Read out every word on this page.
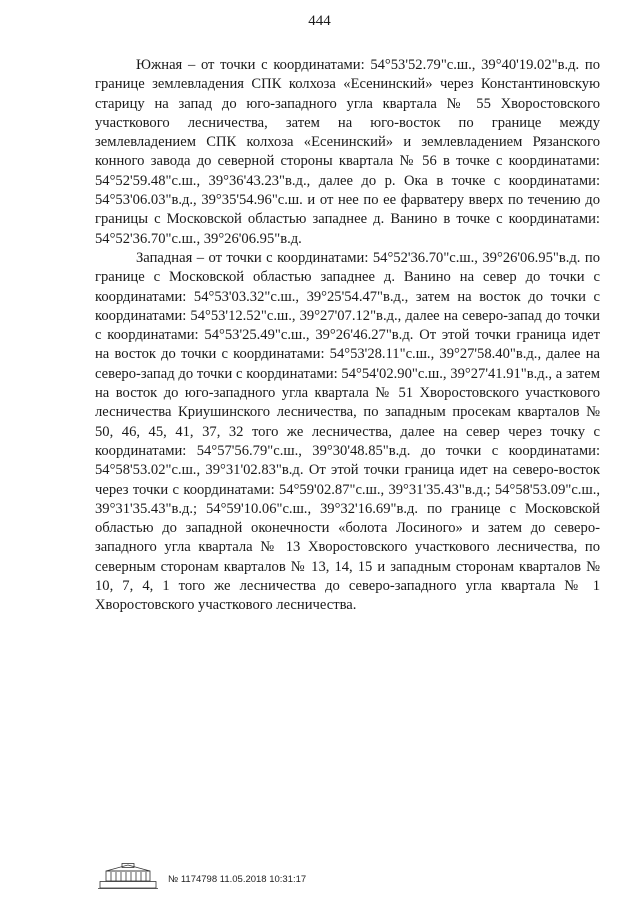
444

Южная – от точки с координатами: 54°53'52.79"с.ш., 39°40'19.02"в.д. по границе землевладения СПК колхоза «Есенинский» через Константиновскую старицу на запад до юго-западного угла квартала № 55 Хворостовского участкового лесничества, затем на юго-восток по границе между землевладением СПК колхоза «Есенинский» и землевладением Рязанского конного завода до северной стороны квартала № 56 в точке с координатами: 54°52'59.48"с.ш., 39°36'43.23"в.д., далее до р. Ока в точке с координатами: 54°53'06.03"в.д., 39°35'54.96"с.ш. и от нее по ее фарватеру вверх по течению до границы с Московской областью западнее д. Ванино в точке с координатами: 54°52'36.70"с.ш., 39°26'06.95"в.д.

Западная – от точки с координатами: 54°52'36.70"с.ш., 39°26'06.95"в.д. по границе с Московской областью западнее д. Ванино на север до точки с координатами: 54°53'03.32"с.ш., 39°25'54.47"в.д., затем на восток до точки с координатами: 54°53'12.52"с.ш., 39°27'07.12"в.д., далее на северо-запад до точки с координатами: 54°53'25.49"с.ш., 39°26'46.27"в.д. От этой точки граница идет на восток до точки с координатами: 54°53'28.11"с.ш., 39°27'58.40"в.д., далее на северо-запад до точки с координатами: 54°54'02.90"с.ш., 39°27'41.91"в.д., а затем на восток до юго-западного угла квартала № 51 Хворостовского участкового лесничества Криушинского лесничества, по западным просекам кварталов № 50, 46, 45, 41, 37, 32 того же лесничества, далее на север через точку с координатами: 54°57'56.79"с.ш., 39°30'48.85"в.д. до точки с координатами: 54°58'53.02"с.ш., 39°31'02.83"в.д. От этой точки граница идет на северо-восток через точки с координатами: 54°59'02.87"с.ш., 39°31'35.43"в.д.; 54°58'53.09"с.ш., 39°31'35.43"в.д.; 54°59'10.06"с.ш., 39°32'16.69"в.д. по границе с Московской областью до западной оконечности «болота Лосиного» и затем до северо-западного угла квартала № 13 Хворостовского участкового лесничества, по северным сторонам кварталов № 13, 14, 15 и западным сторонам кварталов № 10, 7, 4, 1 того же лесничества до северо-западного угла квартала № 1 Хворостовского участкового лесничества.

№ 1174798 11.05.2018 10:31:17
